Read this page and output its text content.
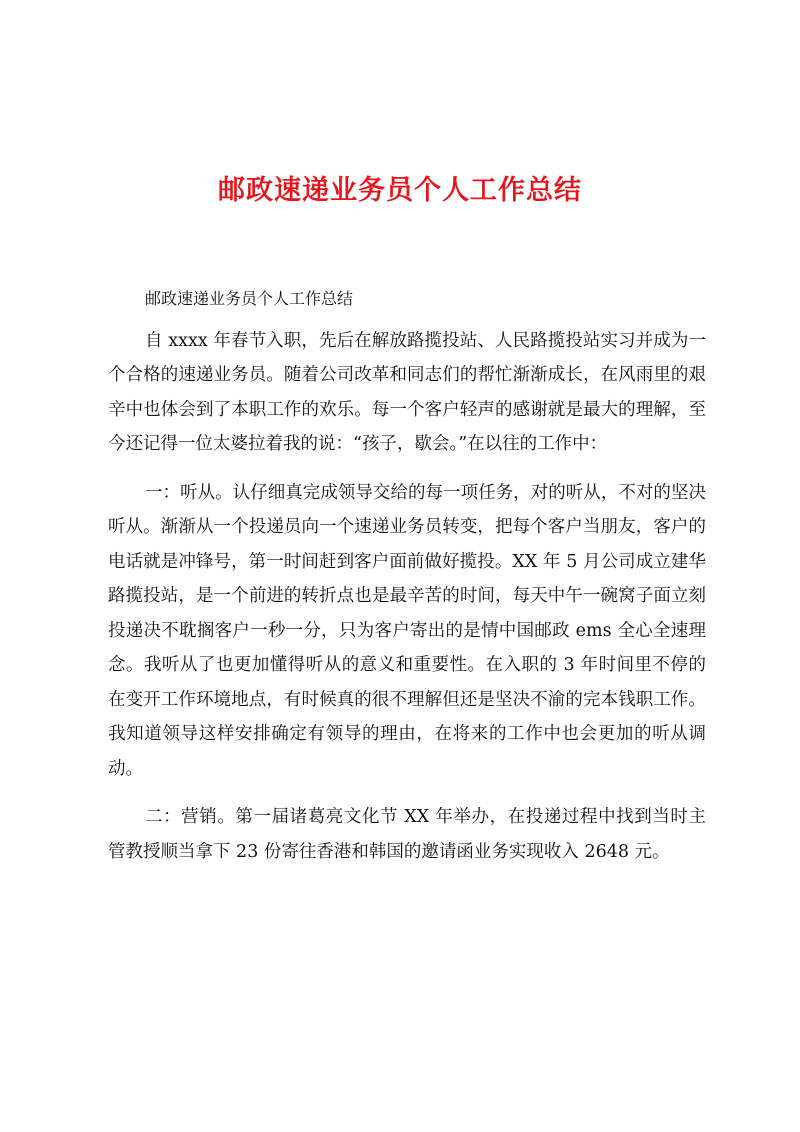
邮政速递业务员个人工作总结

邮政速递业务员个人工作总结

自 xxxx 年春节入职，先后在解放路揽投站、人民路揽投站实习并成为一个合格的速递业务员。随着公司改革和同志们的帮忙渐渐成长，在风雨里的艰辛中也体会到了本职工作的欢乐。每一个客户轻声的感谢就是最大的理解，至今还记得一位太婆拉着我的说：“孩子，歇会。”在以往的工作中：

一：听从。认仔细真完成领导交给的每一项任务，对的听从，不对的坚决听从。渐渐从一个投递员向一个速递业务员转变，把每个客户当朋友，客户的电话就是冲锋号，第一时间赶到客户面前做好揽投。XX 年 5 月公司成立建华路揽投站，是一个前进的转折点也是最辛苦的时间，每天中午一碗窝子面立刻投递决不耽搁客户一秒一分，只为客户寄出的是情中国邮政 ems 全心全速理念。我听从了也更加懂得听从的意义和重要性。在入职的 3 年时间里不停的在变开工作环境地点，有时候真的很不理解但还是坚决不渝的完本钱职工作。我知道领导这样安排确定有领导的理由，在将来的工作中也会更加的听从调动。

二：营销。第一届诸葛亮文化节 XX 年举办，在投递过程中找到当时主管教授顺当拿下 23 份寄往香港和韩国的邀请函业务实现收入 2648 元。
